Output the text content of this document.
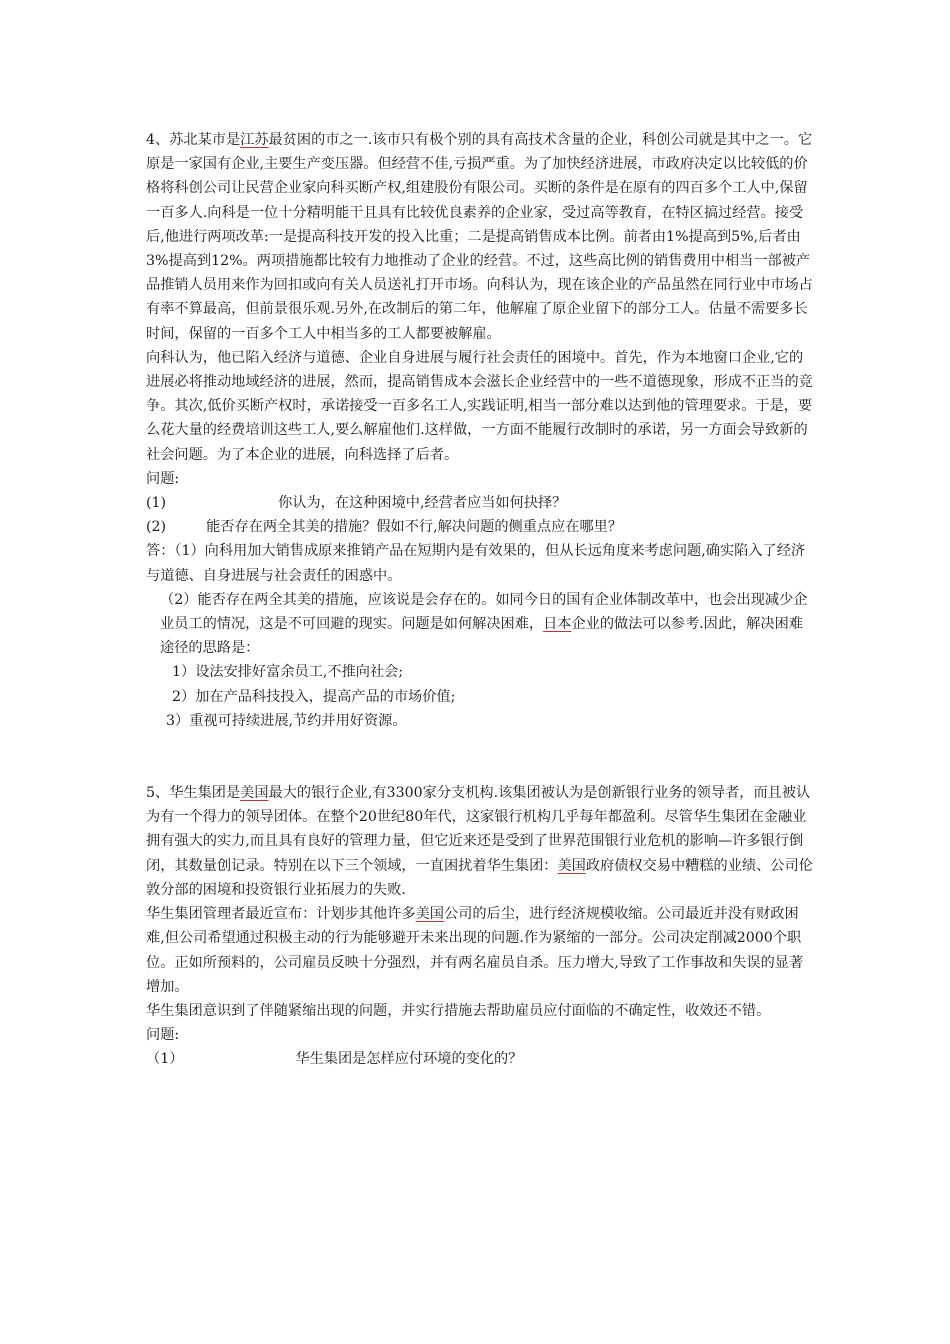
4、苏北某市是江苏最贫困的市之一.该市只有极个别的具有高技术含量的企业，科创公司就是其中之一。它原是一家国有企业,主要生产变压器。但经营不佳,亏损严重。为了加快经济进展，市政府决定以比较低的价格将科创公司让民营企业家向科买断产权,组建股份有限公司。买断的条件是在原有的四百多个工人中,保留一百多人.向科是一位十分精明能干且具有比较优良素养的企业家，受过高等教育，在特区搞过经营。接受后,他进行两项改革:一是提高科技开发的投入比重；二是提高销售成本比例。前者由1%提高到5%,后者由3%提高到12%。两项措施都比较有力地推动了企业的经营。不过，这些高比例的销售费用中相当一部被产品推销人员用来作为回扣或向有关人员送礼打开市场。向科认为，现在该企业的产品虽然在同行业中市场占有率不算最高，但前景很乐观.另外,在改制后的第二年，他解雇了原企业留下的部分工人。估量不需要多长时间，保留的一百多个工人中相当多的工人都要被解雇。

向科认为，他已陷入经济与道德、企业自身进展与履行社会责任的困境中。首先，作为本地窗口企业,它的进展必将推动地域经济的进展，然而，提高销售成本会滋长企业经营中的一些不道德现象，形成不正当的竞争。其次,低价买断产权时，承诺接受一百多名工人,实践证明,相当一部分难以达到他的管理要求。于是，要么花大量的经费培训这些工人,要么解雇他们.这样做，一方面不能履行改制时的承诺，另一方面会导致新的社会问题。为了本企业的进展，向科选择了后者。

问题:

(1)	你认为，在这种困境中,经营者应当如何抉择？

(2)	能否存在两全其美的措施？假如不行,解决问题的侧重点应在哪里？

答：（1）向科用加大销售成原来推销产品在短期内是有效果的，但从长远角度来考虑问题,确实陷入了经济与道德、自身进展与社会责任的困惑中。

（2）能否存在两全其美的措施，应该说是会存在的。如同今日的国有企业体制改革中，也会出现减少企业员工的情况，这是不可回避的现实。问题是如何解决困难，日本企业的做法可以参考.因此，解决困难途径的思路是：

1）设法安排好富余员工,不推向社会;

2）加在产品科技投入，提高产品的市场价值;

3）重视可持续进展,节约并用好资源。

5、华生集团是美国最大的银行企业,有3300家分支机构.该集团被认为是创新银行业务的领导者，而且被认为有一个得力的领导团体。在整个20世纪80年代，这家银行机构几乎每年都盈利。尽管华生集团在金融业拥有强大的实力,而且具有良好的管理力量，但它近来还是受到了世界范围银行业危机的影响—许多银行倒闭，其数量创记录。特别在以下三个领域，一直困扰着华生集团：美国政府债权交易中糟糕的业绩、公司伦敦分部的困境和投资银行业拓展力的失败.

华生集团管理者最近宣布：计划步其他许多美国公司的后尘，进行经济规模收缩。公司最近并没有财政困难,但公司希望通过积极主动的行为能够避开未来出现的问题.作为紧缩的一部分。公司决定削减2000个职位。正如所预料的，公司雇员反映十分强烈，并有两名雇员自杀。压力增大,导致了工作事故和失误的显著增加。

华生集团意识到了伴随紧缩出现的问题，并实行措施去帮助雇员应付面临的不确定性，收效还不错。

问题:

（1）	华生集团是怎样应付环境的变化的？
